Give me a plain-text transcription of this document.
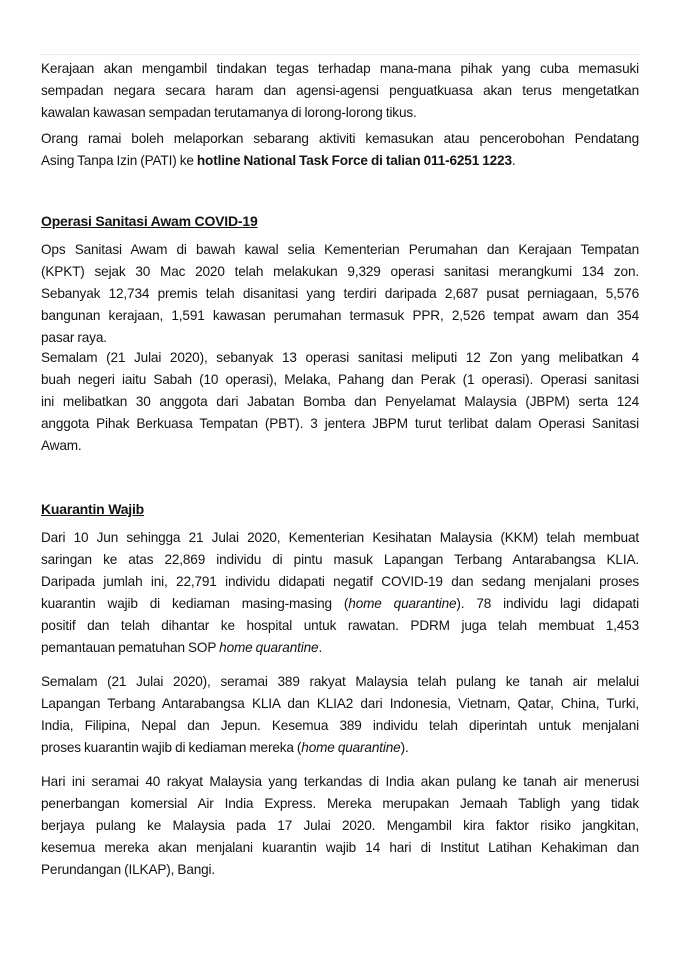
Kerajaan akan mengambil tindakan tegas terhadap mana-mana pihak yang cuba memasuki
sempadan negara secara haram dan agensi-agensi penguatkuasa akan terus mengetatkan
kawalan kawasan sempadan terutamanya di lorong-lorong tikus.
Orang ramai boleh melaporkan sebarang aktiviti kemasukan atau pencerobohan Pendatang
Asing Tanpa Izin (PATI) ke hotline National Task Force di talian 011-6251 1223.
Operasi Sanitasi Awam COVID-19
Ops Sanitasi Awam di bawah kawal selia Kementerian Perumahan dan Kerajaan Tempatan
(KPKT) sejak 30 Mac 2020 telah melakukan 9,329 operasi sanitasi merangkumi 134 zon.
Sebanyak 12,734 premis telah disanitasi yang terdiri daripada 2,687 pusat perniagaan, 5,576
bangunan kerajaan, 1,591 kawasan perumahan termasuk PPR, 2,526 tempat awam dan 354
pasar raya.
Semalam (21 Julai 2020), sebanyak 13 operasi sanitasi meliputi 12 Zon yang melibatkan 4
buah negeri iaitu Sabah (10 operasi), Melaka, Pahang dan Perak (1 operasi). Operasi sanitasi
ini melibatkan 30 anggota dari Jabatan Bomba dan Penyelamat Malaysia (JBPM) serta 124
anggota Pihak Berkuasa Tempatan (PBT). 3 jentera JBPM turut terlibat dalam Operasi Sanitasi
Awam.
Kuarantin Wajib
Dari 10 Jun sehingga 21 Julai 2020, Kementerian Kesihatan Malaysia (KKM) telah membuat
saringan ke atas 22,869 individu di pintu masuk Lapangan Terbang Antarabangsa KLIA.
Daripada jumlah ini, 22,791 individu didapati negatif COVID-19 dan sedang menjalani proses
kuarantin wajib di kediaman masing-masing (home quarantine). 78 individu lagi didapati
positif dan telah dihantar ke hospital untuk rawatan. PDRM juga telah membuat 1,453
pemantauan pematuhan SOP home quarantine.
Semalam (21 Julai 2020), seramai 389 rakyat Malaysia telah pulang ke tanah air melalui
Lapangan Terbang Antarabangsa KLIA dan KLIA2 dari Indonesia, Vietnam, Qatar, China, Turki,
India, Filipina, Nepal dan Jepun. Kesemua 389 individu telah diperintah untuk menjalani
proses kuarantin wajib di kediaman mereka (home quarantine).
Hari ini seramai 40 rakyat Malaysia yang terkandas di India akan pulang ke tanah air menerusi
penerbangan komersial Air India Express. Mereka merupakan Jemaah Tabligh yang tidak
berjaya pulang ke Malaysia pada 17 Julai 2020. Mengambil kira faktor risiko jangkitan,
kesemua mereka akan menjalani kuarantin wajib 14 hari di Institut Latihan Kehakiman dan
Perundangan (ILKAP), Bangi.
